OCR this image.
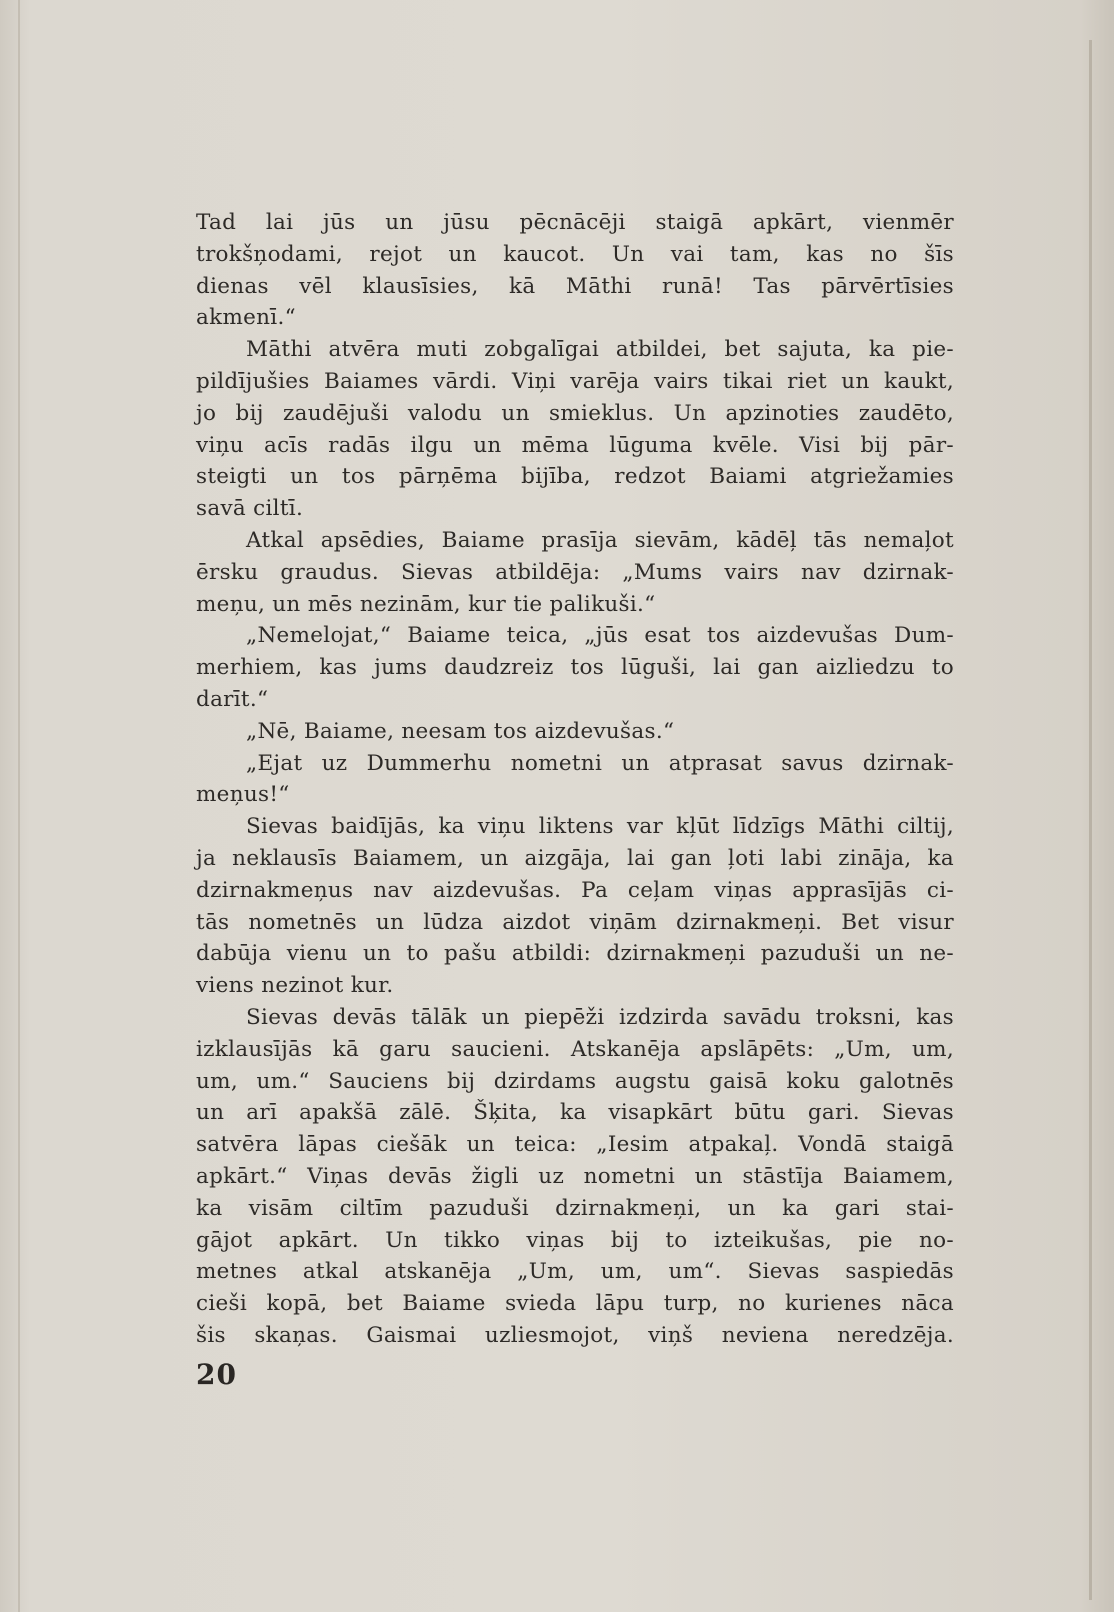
Tad lai jūs un jūsu pēcnācēji staigā apkārt, vienmēr
trokšņodami, rejot un kaucot. Un vai tam, kas no šīs
dienas vēl klausīsies, kā Māthi runā! Tas pārvērtīsies
akmenī.“
Māthi atvēra muti zobgalīgai atbildei, bet sajuta, ka pie-
pildījušies Baiames vārdi. Viņi varēja vairs tikai riet un kaukt,
jo bij zaudējuši valodu un smieklus. Un apzinoties zaudēto,
viņu acīs radās ilgu un mēma lūguma kvēle. Visi bij pār-
steigti un tos pārņēma bijība, redzot Baiami atgriežamies
savā ciltī.
Atkal apsēdies, Baiame prasīja sievām, kādēļ tās nemaļot
ērsku graudus. Sievas atbildēja: „Mums vairs nav dzirnak-
meņu, un mēs nezinām, kur tie palikuši.“
„Nemelojat,“ Baiame teica, „jūs esat tos aizdevušas Dum-
merhiem, kas jums daudzreiz tos lūguši, lai gan aizliedzu to
darīt.“
„Nē, Baiame, neesam tos aizdevušas.“
„Ejat uz Dummerhu nometni un atprasat savus dzirnak-
meņus!“
Sievas baidījās, ka viņu liktens var kļūt līdzīgs Māthi ciltij,
ja neklausīs Baiamem, un aizgāja, lai gan ļoti labi zināja, ka
dzirnakmeņus nav aizdevušas. Pa ceļam viņas apprasījās ci-
tās nometnēs un lūdza aizdot viņām dzirnakmeņi. Bet visur
dabūja vienu un to pašu atbildi: dzirnakmeņi pazuduši un ne-
viens nezinot kur.
Sievas devās tālāk un piepēži izdzirda savādu troksni, kas
izklausījās kā garu saucieni. Atskanēja apslāpēts: „Um, um,
um, um.“ Sauciens bij dzirdams augstu gaisā koku galotnēs
un arī apakšā zālē. Šķita, ka visapkārt būtu gari. Sievas
satvēra lāpas ciešāk un teica: „Iesim atpakaļ. Vondā staigā
apkārt.“ Viņas devās žigli uz nometni un stāstīja Baiamem,
ka visām ciltīm pazuduši dzirnakmeņi, un ka gari stai-
gājot apkārt. Un tikko viņas bij to izteikušas, pie no-
metnes atkal atskanēja „Um, um, um“. Sievas saspiedās
cieši kopā, bet Baiame svieda lāpu turp, no kurienes nāca
šis skaņas. Gaismai uzliesmojot, viņš neviena neredzēja.
20
